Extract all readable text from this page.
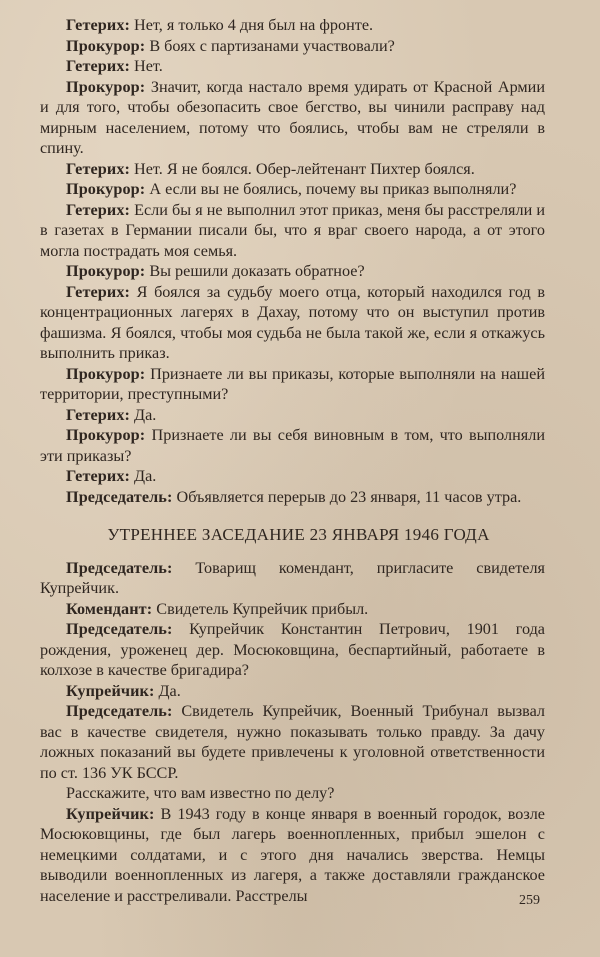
Гетерих: Нет, я только 4 дня был на фронте.

Прокурор: В боях с партизанами участвовали?

Гетерих: Нет.

Прокурор: Значит, когда настало время удирать от Красной Армии и для того, чтобы обезопасить свое бегство, вы чинили расправу над мирным населением, потому что боялись, чтобы вам не стреляли в спину.

Гетерих: Нет. Я не боялся. Обер-лейтенант Пихтер боялся.

Прокурор: А если вы не боялись, почему вы приказ выполняли?

Гетерих: Если бы я не выполнил этот приказ, меня бы расстреляли и в газетах в Германии писали бы, что я враг своего народа, а от этого могла пострадать моя семья.

Прокурор: Вы решили доказать обратное?

Гетерих: Я боялся за судьбу моего отца, который находился год в концентрационных лагерях в Дахау, потому что он выступил против фашизма. Я боялся, чтобы моя судьба не была такой же, если я откажусь выполнить приказ.

Прокурор: Признаете ли вы приказы, которые выполняли на нашей территории, преступными?

Гетерих: Да.

Прокурор: Признаете ли вы себя виновным в том, что выполняли эти приказы?

Гетерих: Да.

Председатель: Объявляется перерыв до 23 января, 11 часов утра.

УТРЕННЕЕ ЗАСЕДАНИЕ 23 ЯНВАРЯ 1946 ГОДА

Председатель: Товарищ комендант, пригласите свидетеля Купрейчик.

Комендант: Свидетель Купрейчик прибыл.

Председатель: Купрейчик Константин Петрович, 1901 года рождения, уроженец дер. Мосюковщина, беспартийный, работаете в колхозе в качестве бригадира?

Купрейчик: Да.

Председатель: Свидетель Купрейчик, Военный Трибунал вызвал вас в качестве свидетеля, нужно показывать только правду. За дачу ложных показаний вы будете привлечены к уголовной ответственности по ст. 136 УК БССР.

Расскажите, что вам известно по делу?

Купрейчик: В 1943 году в конце января в военный городок, возле Мосюковщины, где был лагерь военнопленных, прибыл эшелон с немецкими солдатами, и с этого дня начались зверства. Немцы выводили военнопленных из лагеря, а также доставляли гражданское население и расстреливали. Расстрелы	259
